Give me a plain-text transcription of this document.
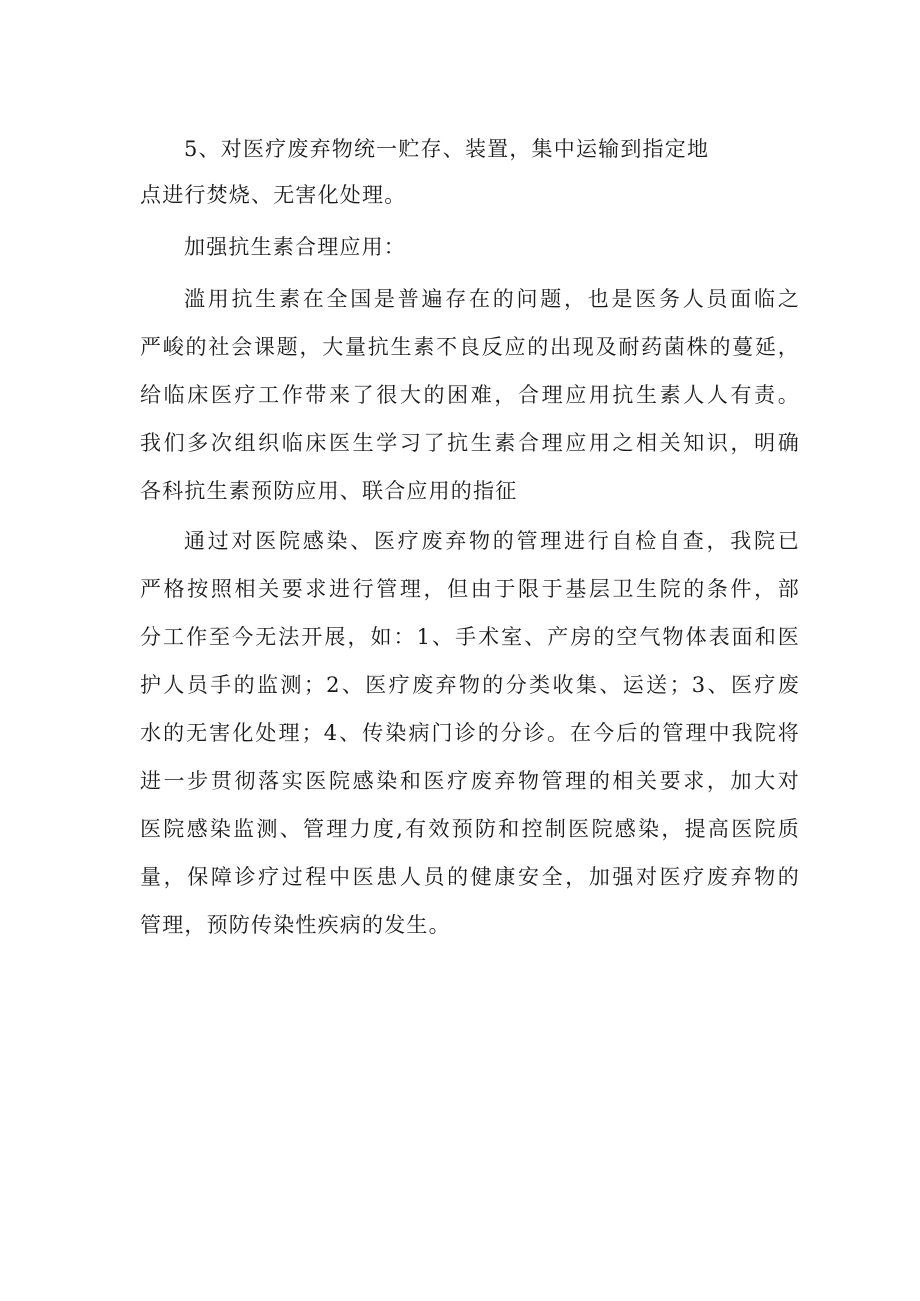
5、对医疗废弃物统一贮存、装置，集中运输到指定地
点进行焚烧、无害化处理。
加强抗生素合理应用：
滥用抗生素在全国是普遍存在的问题，也是医务人员面临之
严峻的社会课题，大量抗生素不良反应的出现及耐药菌株的蔓延，
给临床医疗工作带来了很大的困难，合理应用抗生素人人有责。
我们多次组织临床医生学习了抗生素合理应用之相关知识，明确
各科抗生素预防应用、联合应用的指征
通过对医院感染、医疗废弃物的管理进行自检自查，我院已
严格按照相关要求进行管理，但由于限于基层卫生院的条件，部
分工作至今无法开展，如：1、手术室、产房的空气物体表面和医
护人员手的监测；2、医疗废弃物的分类收集、运送；3、医疗废
水的无害化处理；4、传染病门诊的分诊。在今后的管理中我院将
进一步贯彻落实医院感染和医疗废弃物管理的相关要求，加大对
医院感染监测、管理力度,有效预防和控制医院感染，提高医院质
量，保障诊疗过程中医患人员的健康安全，加强对医疗废弃物的
管理，预防传染性疾病的发生。
